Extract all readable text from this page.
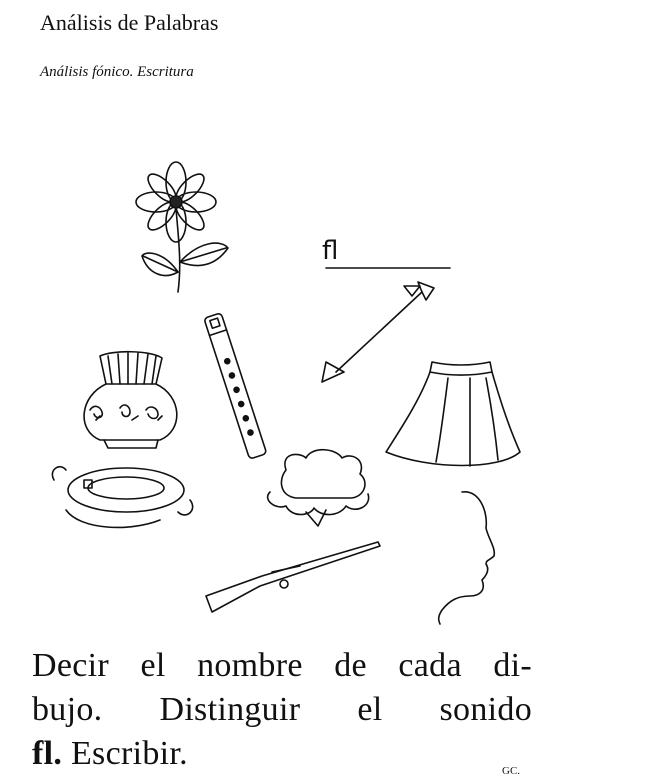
Análisis de Palabras
Análisis fónico. Escritura
fl
Decir el nombre de cada di-
bujo. Distinguir el sonido
fl. Escribir.	GC.
